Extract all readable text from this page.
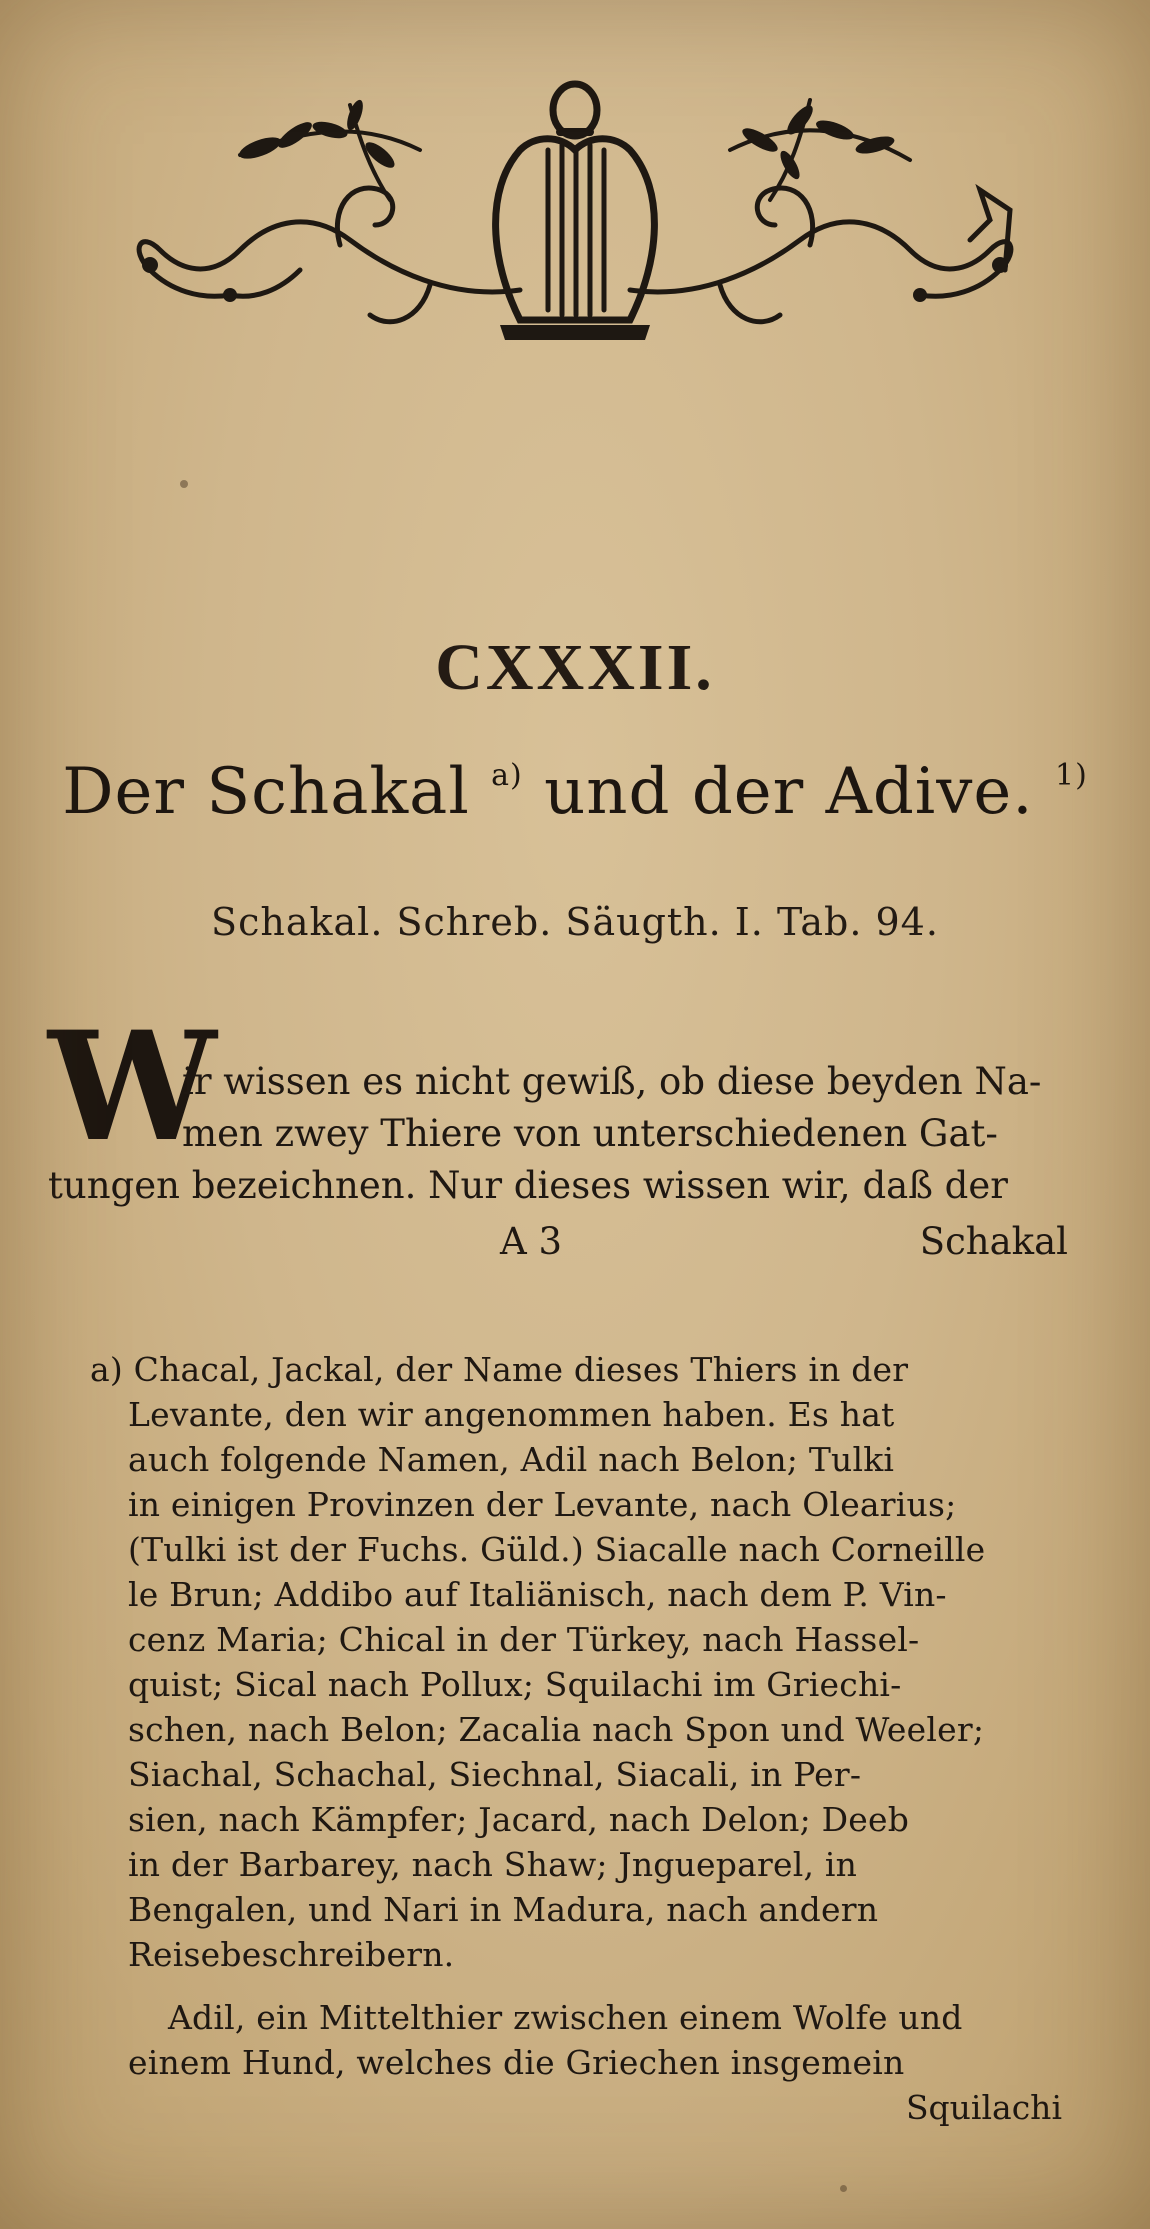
CXXXII.
Der Schakal $^{a)}$ und der Adive. $^{1)}$
Schakal. Schreb. Säugth. I. Tab. 94.
W
ir wissen es nicht gewiß, ob diese beyden Na-
men zwey Thiere von unterschiedenen Gat-
tungen bezeichnen. Nur dieses wissen wir, daß der
A 3	Schakal
a) Chacal, Jackal, der Name dieses Thiers in der
Levante, den wir angenommen haben. Es hat
auch folgende Namen, Adil nach Belon; Tulki
in einigen Provinzen der Levante, nach Olearius;
(Tulki ist der Fuchs. Güld.) Siacalle nach Corneille
le Brun; Addibo auf Italiänisch, nach dem P. Vin-
cenz Maria; Chical in der Türkey, nach Hassel-
quist; Sical nach Pollux; Squilachi im Griechi-
schen, nach Belon; Zacalia nach Spon und Weeler;
Siachal, Schachal, Siechnal, Siacali, in Per-
sien, nach Kämpfer; Jacard, nach Delon; Deeb
in der Barbarey, nach Shaw; Jngueparel, in
Bengalen, und Nari in Madura, nach andern
Reisebeschreibern.
Adil, ein Mittelthier zwischen einem Wolfe und
einem Hund, welches die Griechen insgemein
Squilachi
